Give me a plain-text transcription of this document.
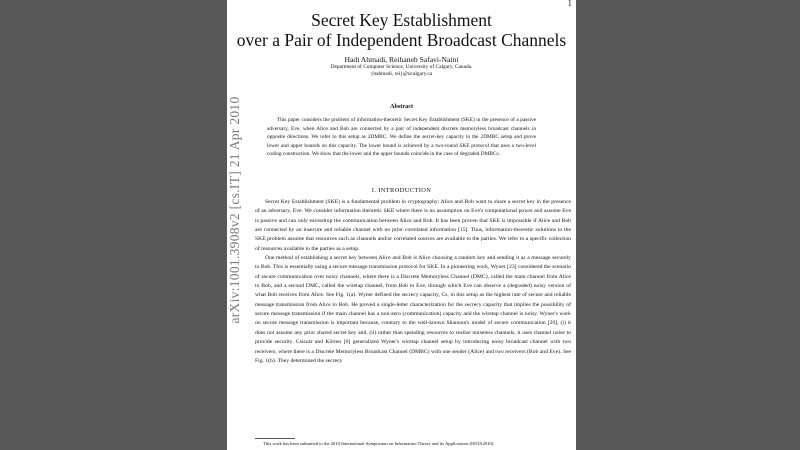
arXiv:1001.3908v2 [cs.IT] 21 Apr 2010
1
Secret Key Establishment
over a Pair of Independent Broadcast Channels
Hadi Ahmadi, Reihaneh Safavi-Naini
Department of Computer Science, University of Calgary, Canada.
{hahmadi, rei}@ucalgary.ca
Abstract
This paper considers the problem of information-theoretic Secret Key Establishment (SKE) in the presence of a passive adversary, Eve, when Alice and Bob are connected by a pair of independent discrete memoryless broadcast channels in opposite directions. We refer to this setup as 2DMBC. We define the secret-key capacity in the 2DMBC setup and prove lower and upper bounds on this capacity. The lower bound is achieved by a two-round SKE protocol that uses a two-level coding construction. We show that the lower and the upper bounds coincide in the case of degraded DMBCs.
I. INTRODUCTION

Secret Key Establishment (SKE) is a fundamental problem in cryptography: Alice and Bob want to share a secret key in the presence of an adversary, Eve. We consider information theoretic SKE where there is no assumption on Eve's computational power and assume Eve is passive and can only eavesdrop the communication between Alice and Bob. It has been proven that SKE is impossible if Alice and Bob are connected by an insecure and reliable channel with no prior correlated information [15]. Thus, information-theoretic solutions to the SKE problem assume that resources such as channels and/or correlated sources are available to the parties. We refer to a specific collection of resources available to the parties as a setup.

One method of establishing a secret key between Alice and Bob is Alice choosing a random key and sending it as a message securely to Bob. This is essentially using a secure message transmission protocol for SKE. In a pioneering work, Wyner [23] considered the scenario of secure communication over noisy channels, where there is a Discrete Memoryless Channel (DMC), called the main channel from Alice to Bob, and a second DMC, called the wiretap channel, from Bob to Eve, through which Eve can observe a (degraded) noisy version of what Bob receives from Alice. See Fig. 1(a). Wyner defined the secrecy capacity, Cs, in this setup as the highest rate of secure and reliable message transmission from Alice to Bob. He proved a single-letter characterization for the secrecy capacity that implies the possibility of secure message transmission if the main channel has a non-zero (communication) capacity and the wiretap channel is noisy. Wyner's work on secure message transmission is important because, contrary to the well-known Shannon's model of secure communication [20], (i) it does not assume any prior shared secret key and, (ii) rather than spending resources to realize noiseless channels, it uses channel noise to provide security. Csiszár and Körner [6] generalized Wyner's wiretap channel setup by introducing noisy broadcast channel with two receivers, where there is a Discrete Memoryless Broadcast Channel (DMBC) with one sender (Alice) and two receivers (Bob and Eve). See Fig. 1(b). They determined the secrecy

This work has been submitted to the 2010 International Symposium on Information Theory and its Applications (ISITA2010).
